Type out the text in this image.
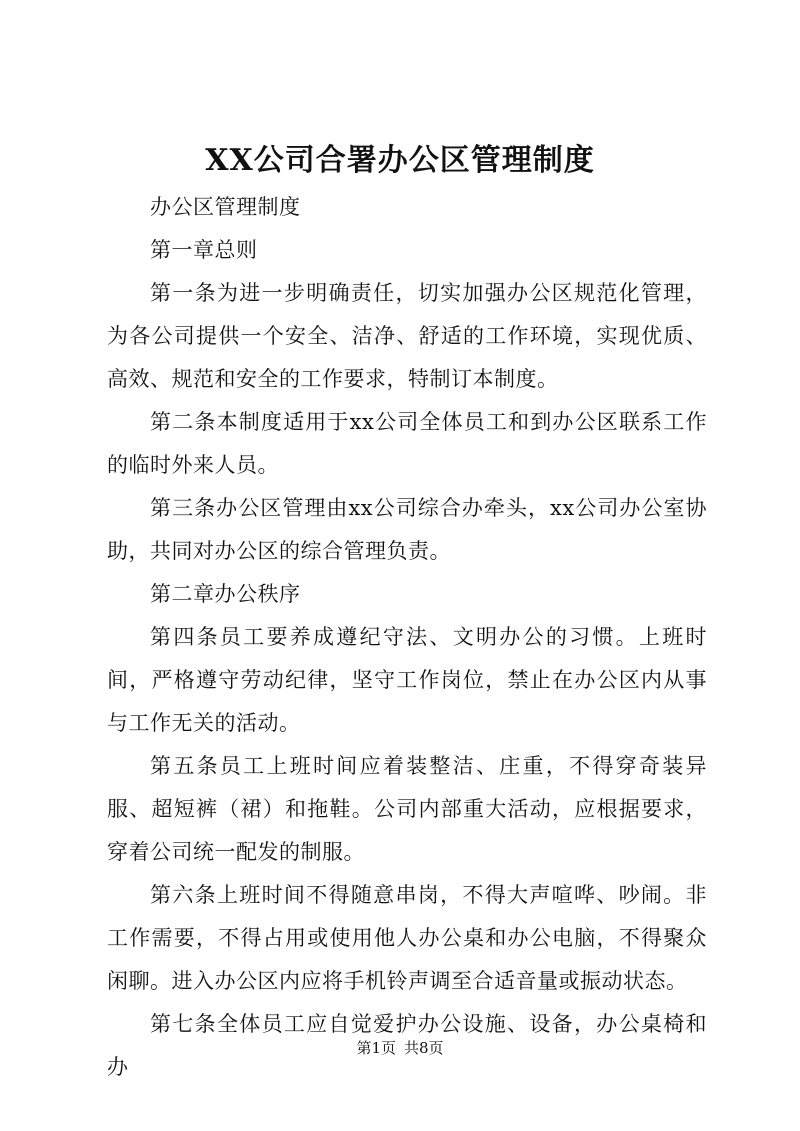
XX公司合署办公区管理制度

办公区管理制度

第一章总则

第一条为进一步明确责任，切实加强办公区规范化管理，为各公司提供一个安全、洁净、舒适的工作环境，实现优质、高效、规范和安全的工作要求，特制订本制度。

第二条本制度适用于xx公司全体员工和到办公区联系工作的临时外来人员。

第三条办公区管理由xx公司综合办牵头，xx公司办公室协助，共同对办公区的综合管理负责。

第二章办公秩序

第四条员工要养成遵纪守法、文明办公的习惯。上班时间，严格遵守劳动纪律，坚守工作岗位，禁止在办公区内从事与工作无关的活动。

第五条员工上班时间应着装整洁、庄重，不得穿奇装异服、超短裤（裙）和拖鞋。公司内部重大活动，应根据要求，穿着公司统一配发的制服。

第六条上班时间不得随意串岗，不得大声喧哗、吵闹。非工作需要，不得占用或使用他人办公桌和办公电脑，不得聚众闲聊。进入办公区内应将手机铃声调至合适音量或振动状态。

第七条全体员工应自觉爱护办公设施、设备，办公桌椅和办

第1页 共8页
